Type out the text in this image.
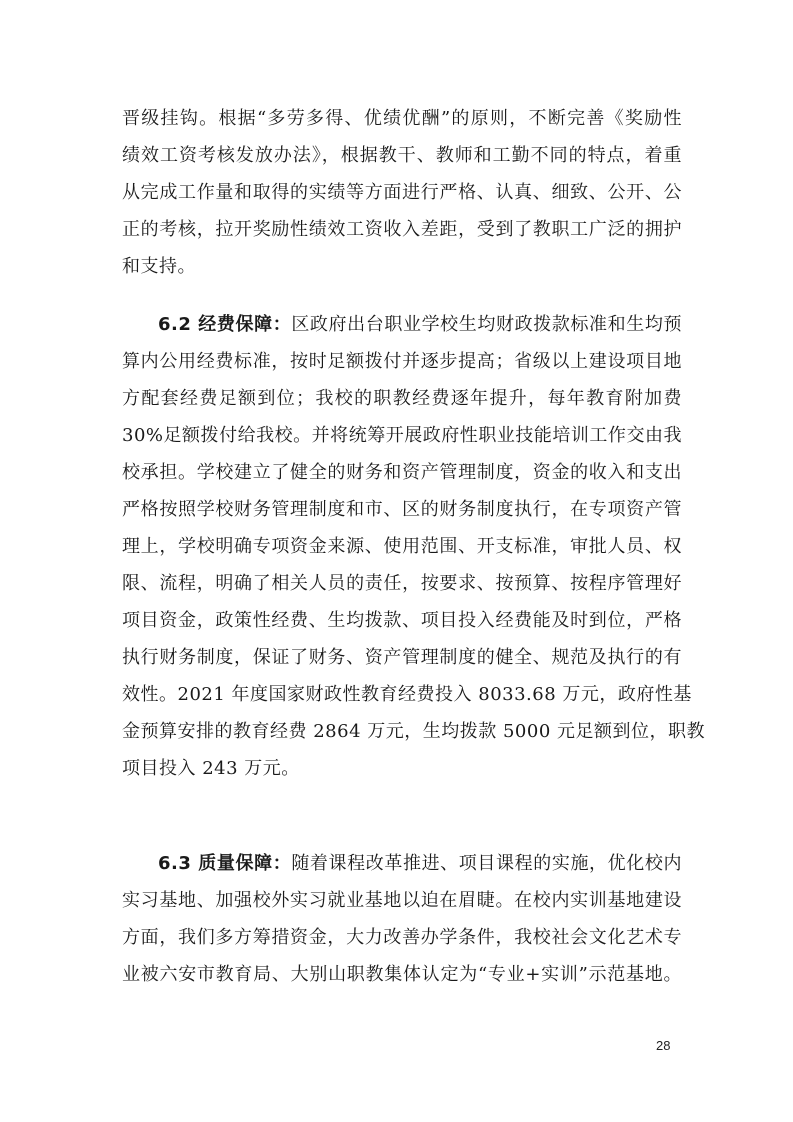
晋级挂钩。根据“多劳多得、优绩优酬”的原则，不断完善《奖励性
绩效工资考核发放办法》，根据教干、教师和工勤不同的特点，着重
从完成工作量和取得的实绩等方面进行严格、认真、细致、公开、公
正的考核，拉开奖励性绩效工资收入差距，受到了教职工广泛的拥护
和支持。
6.2 经费保障：区政府出台职业学校生均财政拨款标准和生均预
算内公用经费标准，按时足额拨付并逐步提高；省级以上建设项目地
方配套经费足额到位；我校的职教经费逐年提升，每年教育附加费
30%足额拨付给我校。并将统筹开展政府性职业技能培训工作交由我
校承担。学校建立了健全的财务和资产管理制度，资金的收入和支出
严格按照学校财务管理制度和市、区的财务制度执行，在专项资产管
理上，学校明确专项资金来源、使用范围、开支标准，审批人员、权
限、流程，明确了相关人员的责任，按要求、按预算、按程序管理好
项目资金，政策性经费、生均拨款、项目投入经费能及时到位，严格
执行财务制度，保证了财务、资产管理制度的健全、规范及执行的有
效性。2021 年度国家财政性教育经费投入 8033.68 万元，政府性基
金预算安排的教育经费 2864 万元，生均拨款 5000 元足额到位，职教
项目投入 243 万元。
6.3 质量保障：随着课程改革推进、项目课程的实施，优化校内
实习基地、加强校外实习就业基地以迫在眉睫。在校内实训基地建设
方面，我们多方筹措资金，大力改善办学条件，我校社会文化艺术专
业被六安市教育局、大别山职教集体认定为“专业+实训”示范基地。
28
